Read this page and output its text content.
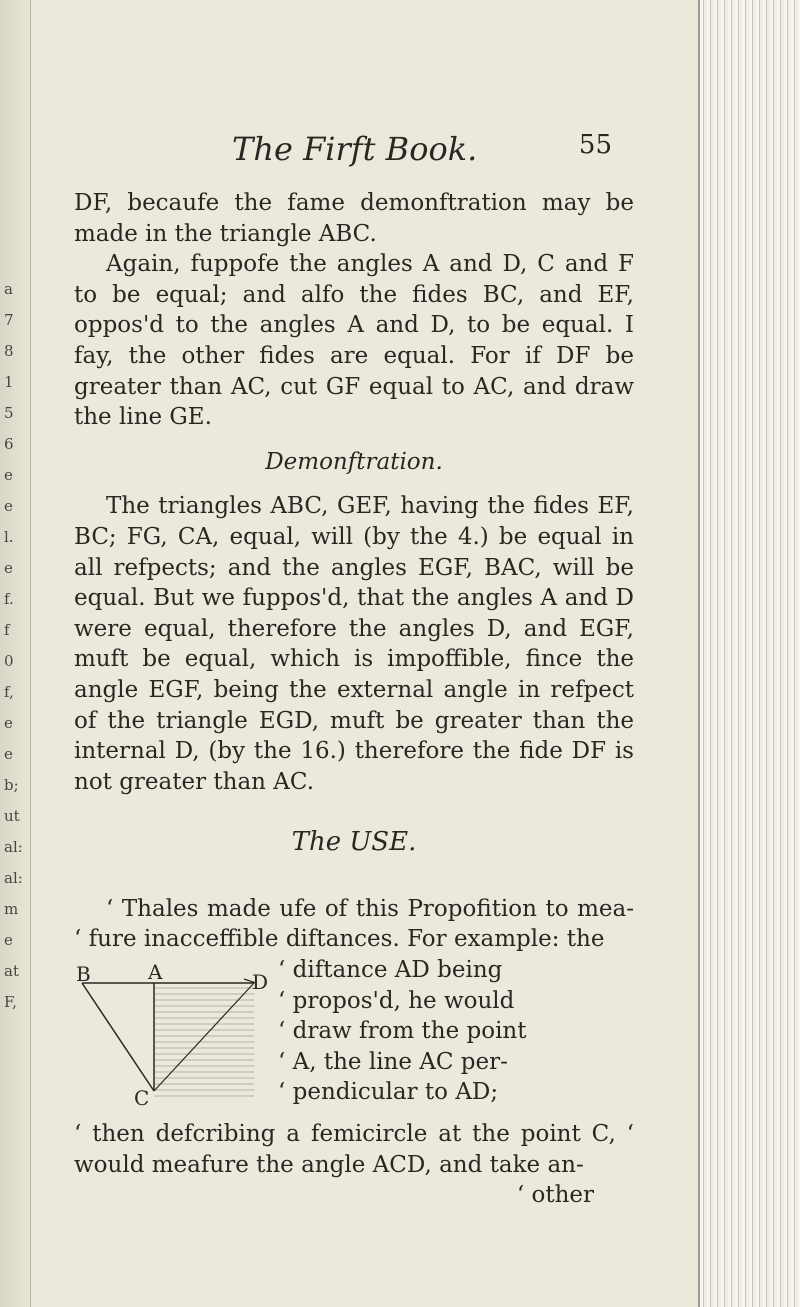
a
7
8
1
5
6
e
e
l.
e
f.
f
0
f,
e
e
b;
ut
al:
al:
m
e
at
F,
The Firft Book.	55

DF, becaufe the fame demonftration may be made in the triangle ABC.

Again, fuppofe the angles A and D, C and F to be equal; and alfo the fides BC, and EF, oppos'd to the angles A and D, to be equal. I fay, the other fides are equal. For if DF be greater than AC, cut GF equal to AC, and draw the line GE.

Demonftration.

The triangles ABC, GEF, having the fides EF, BC; FG, CA, equal, will (by the 4.) be equal in all refpects; and the angles EGF, BAC, will be equal. But we fuppos'd, that the angles A and D were equal, therefore the angles D, and EGF, muft be equal, which is impoffible, fince the angle EGF, being the external angle in refpect of the triangle EGD, muft be greater than the internal D, (by the 16.) therefore the fide DF is not greater than AC.

The USE.

‘ Thales made ufe of this Propofition to mea- ‘ fure inacceffible diftances. For example: the

B	A	D
C

‘ diftance AD being
‘ propos'd, he would
‘ draw from the point
‘ A, the line AC per-
‘ pendicular to AD;

‘ then defcribing a femicircle at the point C, ‘ would meafure the angle ACD, and take an-

‘ other
